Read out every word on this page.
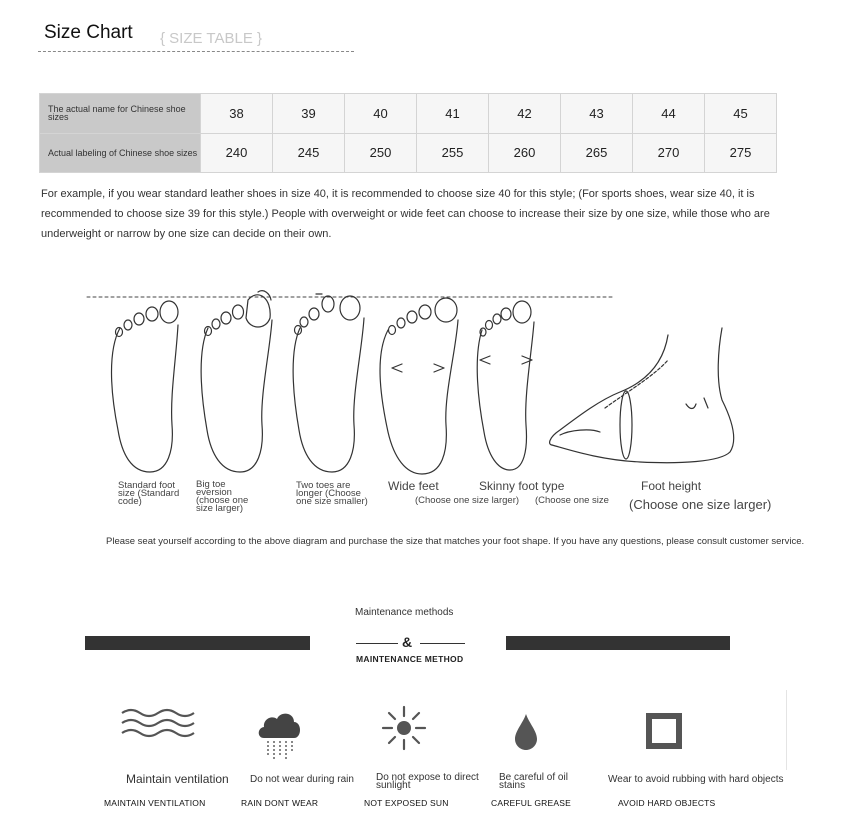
Size Chart { SIZE TABLE }
The actual name for Chinese shoe sizes	38	39	40	41	42	43	44	45
Actual labeling of Chinese shoe sizes	240	245	250	255	260	265	270	275
For example, if you wear standard leather shoes in size 40, it is recommended to choose size 40 for this style; (For sports shoes, wear size 40, it is recommended to choose size 39 for this style.) People with overweight or wide feet can choose to increase their size by one size, while those who are underweight or narrow by one size can decide on their own.
Standard foot size (Standard code)
Big toe eversion (choose one size larger)
Two toes are longer (Choose one size smaller)
Wide feet
(Choose one size larger)
Skinny foot type
(Choose one size
Foot height
(Choose one size larger)
Please seat yourself according to the above diagram and purchase the size that matches your foot shape. If you have any questions, please consult customer service.
Maintenance methods
&
MAINTENANCE METHOD
Maintain ventilation Do not wear during rain Do not expose to direct sunlight
Be careful of oil stains
Wear to avoid rubbing with hard objects
MAINTAIN VENTILATION	RAIN DONT WEAR	NOT EXPOSED SUN	CAREFUL GREASE	AVOID HARD OBJECTS
